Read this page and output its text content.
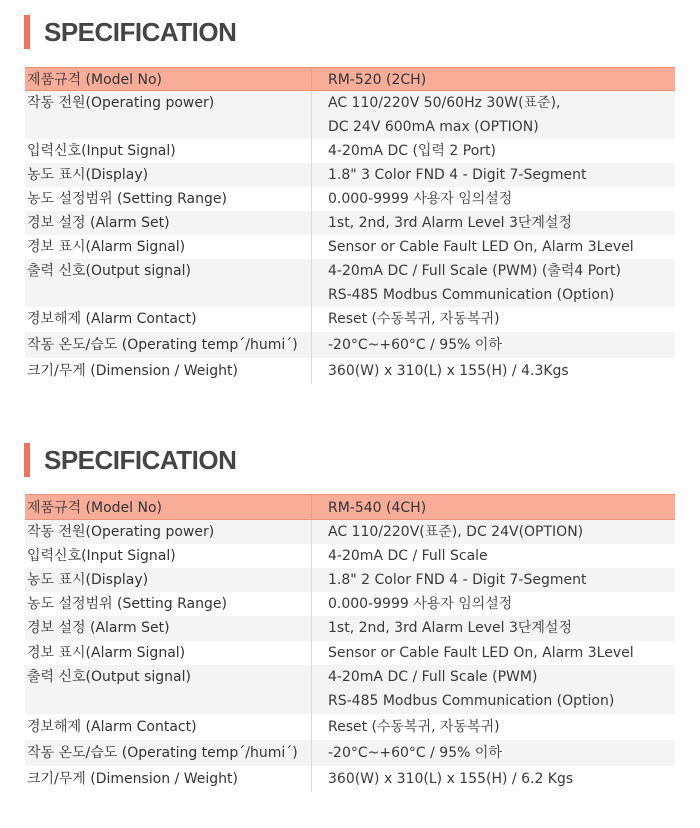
SPECIFICATION
제품규격 (Model No)	RM-520 (2CH)
작동 전원(Operating power)	AC 110/220V 50/60Hz 30W(표준),
DC 24V 600mA max (OPTION)
입력신호(Input Signal)	4-20mA DC (입력 2 Port)
농도 표시(Display)	1.8" 3 Color FND 4 - Digit 7-Segment
농도 설정범위 (Setting Range)	0.000-9999 사용자 임의설정
경보 설정 (Alarm Set)	1st, 2nd, 3rd Alarm Level 3단계설정
경보 표시(Alarm Signal)	Sensor or Cable Fault LED On, Alarm 3Level
출력 신호(Output signal)	4-20mA DC / Full Scale (PWM) (출력4 Port)
RS-485 Modbus Communication (Option)
경보해제 (Alarm Contact)	Reset (수동복귀, 자동복귀)
작동 온도/습도 (Operating temp´/humi´)	-20°C~+60°C / 95% 이하
크기/무게 (Dimension / Weight)	360(W) x 310(L) x 155(H) / 4.3Kgs
SPECIFICATION
제품규격 (Model No)	RM-540 (4CH)
작동 전원(Operating power)	AC 110/220V(표준), DC 24V(OPTION)
입력신호(Input Signal)	4-20mA DC / Full Scale
농도 표시(Display)	1.8" 2 Color FND 4 - Digit 7-Segment
농도 설정범위 (Setting Range)	0.000-9999 사용자 임의설정
경보 설정 (Alarm Set)	1st, 2nd, 3rd Alarm Level 3단계설정
경보 표시(Alarm Signal)	Sensor or Cable Fault LED On, Alarm 3Level
출력 신호(Output signal)	4-20mA DC / Full Scale (PWM)
RS-485 Modbus Communication (Option)
경보해제 (Alarm Contact)	Reset (수동복귀, 자동복귀)
작동 온도/습도 (Operating temp´/humi´)	-20°C~+60°C / 95% 이하
크기/무게 (Dimension / Weight)	360(W) x 310(L) x 155(H) / 6.2 Kgs
